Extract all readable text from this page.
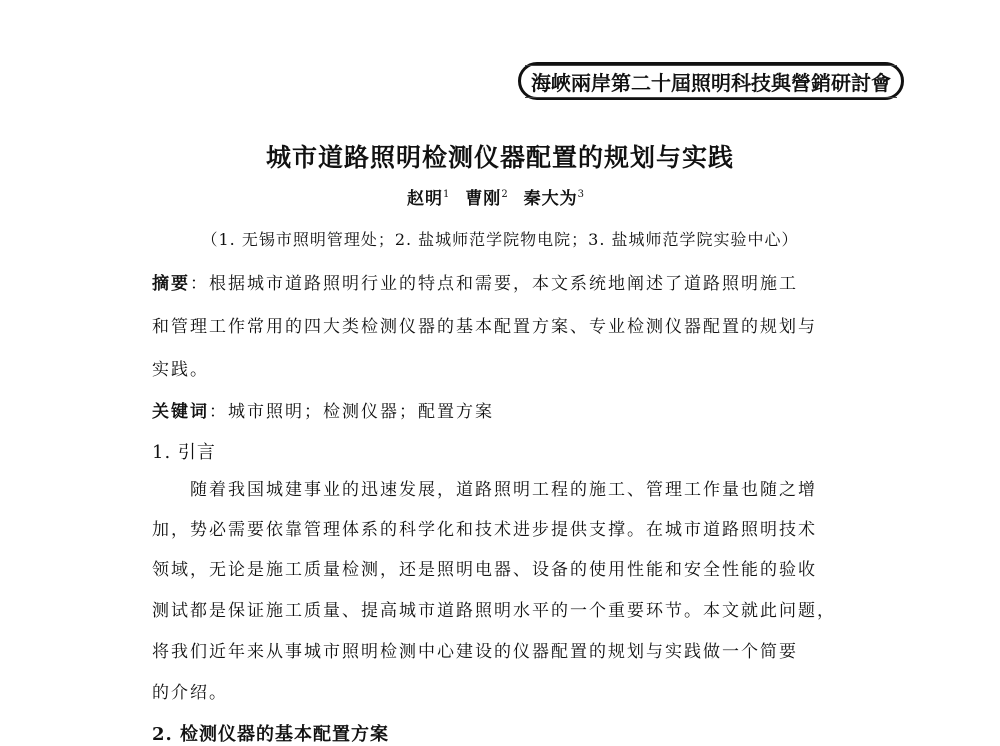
海峽兩岸第二十屆照明科技與營銷研討會
城市道路照明检测仪器配置的规划与实践
赵明$^1$ 曹刚$^2$ 秦大为$^3$
（1. 无锡市照明管理处；2. 盐城师范学院物电院；3. 盐城师范学院实验中心）
摘要：根据城市道路照明行业的特点和需要，本文系统地阐述了道路照明施工
和管理工作常用的四大类检测仪器的基本配置方案、专业检测仪器配置的规划与
实践。
关键词：城市照明；检测仪器；配置方案
1. 引言
　　随着我国城建事业的迅速发展，道路照明工程的施工、管理工作量也随之增
加，势必需要依靠管理体系的科学化和技术进步提供支撑。在城市道路照明技术
领域，无论是施工质量检测，还是照明电器、设备的使用性能和安全性能的验收
测试都是保证施工质量、提高城市道路照明水平的一个重要环节。本文就此问题，
将我们近年来从事城市照明检测中心建设的仪器配置的规划与实践做一个简要
的介绍。
2. 检测仪器的基本配置方案
